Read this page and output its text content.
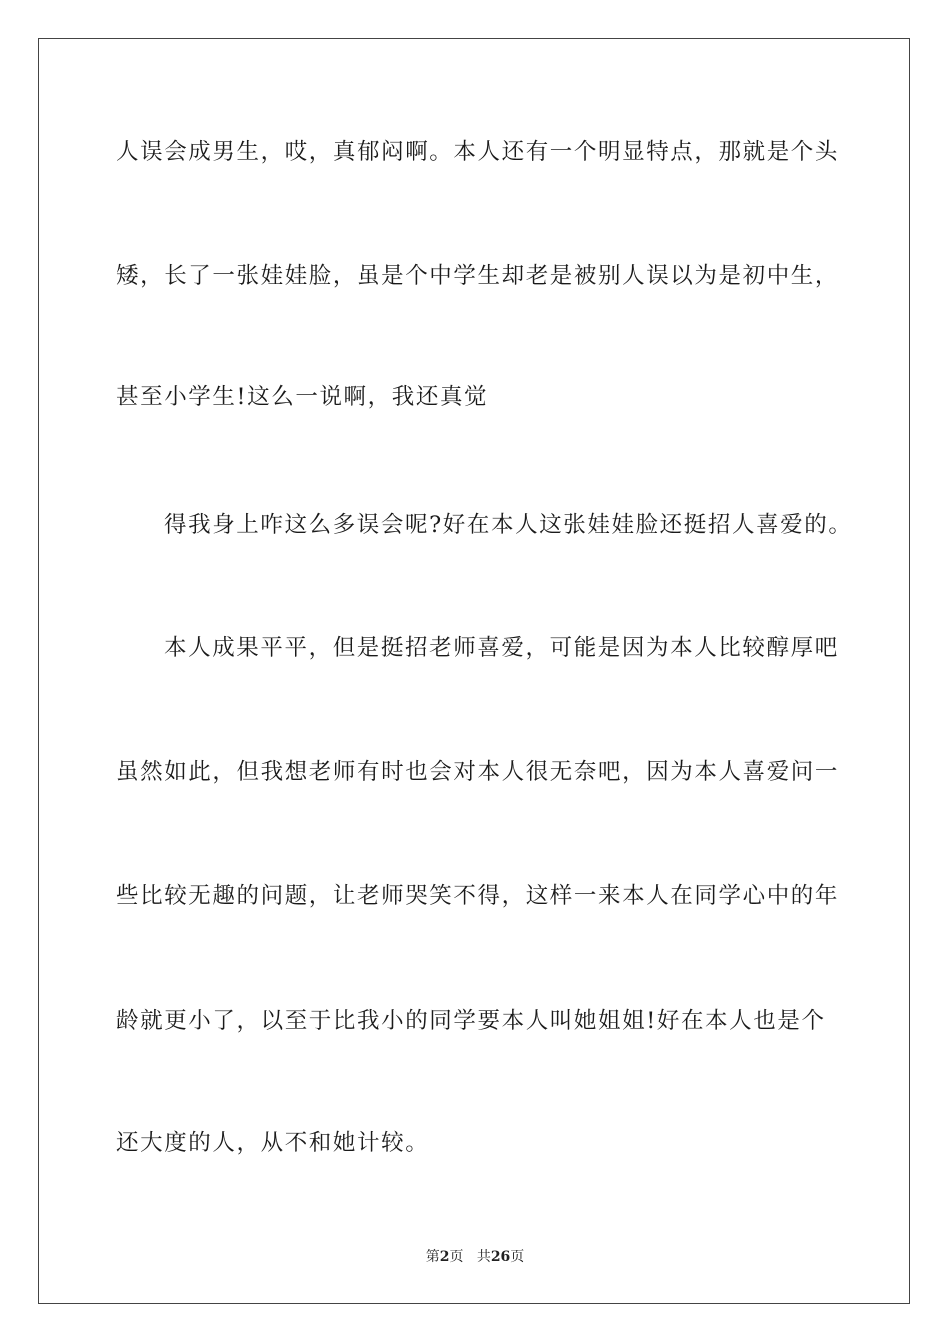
人误会成男生，哎，真郁闷啊。本人还有一个明显特点，那就是个头
矮，长了一张娃娃脸，虽是个中学生却老是被别人误以为是初中生，
甚至小学生!这么一说啊，我还真觉
得我身上咋这么多误会呢?好在本人这张娃娃脸还挺招人喜爱的。
本人成果平平，但是挺招老师喜爱，可能是因为本人比较醇厚吧
虽然如此，但我想老师有时也会对本人很无奈吧，因为本人喜爱问一
些比较无趣的问题，让老师哭笑不得，这样一来本人在同学心中的年
龄就更小了，以至于比我小的同学要本人叫她姐姐!好在本人也是个
还大度的人，从不和她计较。
第2页 共26页
